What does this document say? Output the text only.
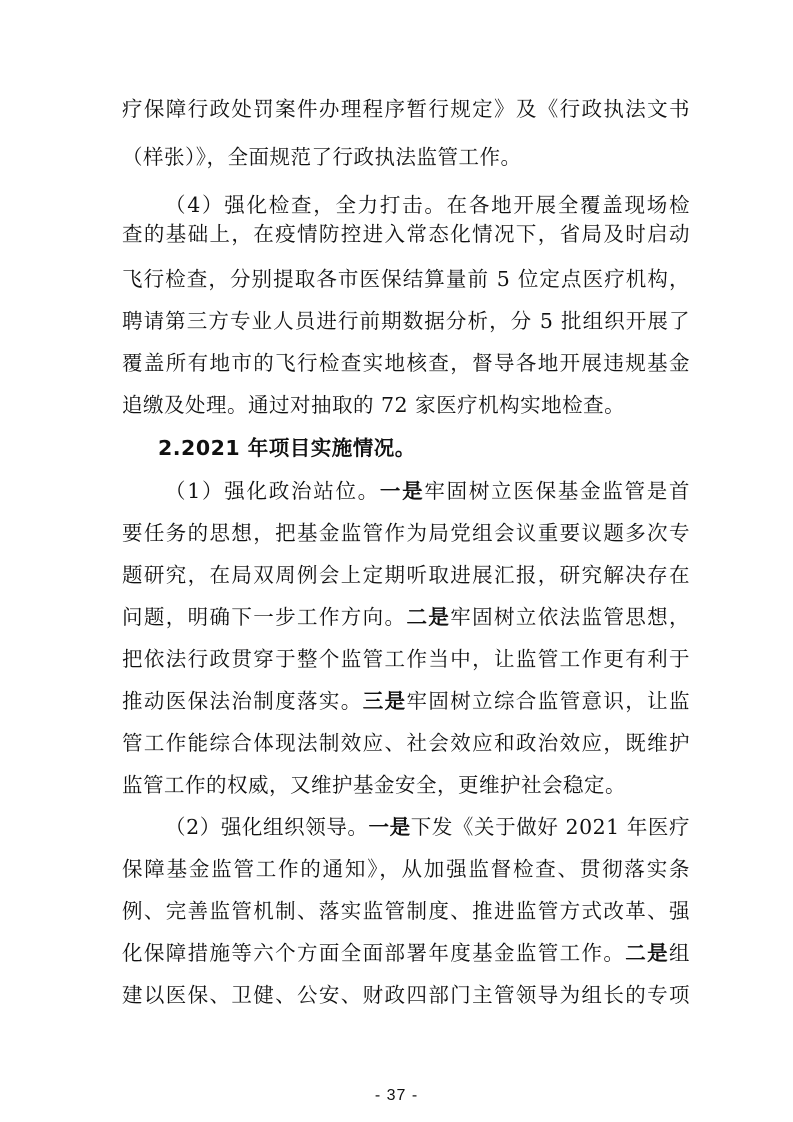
疗保障行政处罚案件办理程序暂行规定》及《行政执法文书
（样张）》，全面规范了行政执法监管工作。
（4）强化检查，全力打击。在各地开展全覆盖现场检
查的基础上，在疫情防控进入常态化情况下，省局及时启动
飞行检查，分别提取各市医保结算量前 5 位定点医疗机构，
聘请第三方专业人员进行前期数据分析，分 5 批组织开展了
覆盖所有地市的飞行检查实地核查，督导各地开展违规基金
追缴及处理。通过对抽取的 72 家医疗机构实地检查。
2.2021 年项目实施情况。
（1）强化政治站位。一是牢固树立医保基金监管是首
要任务的思想，把基金监管作为局党组会议重要议题多次专
题研究，在局双周例会上定期听取进展汇报，研究解决存在
问题，明确下一步工作方向。二是牢固树立依法监管思想，
把依法行政贯穿于整个监管工作当中，让监管工作更有利于
推动医保法治制度落实。三是牢固树立综合监管意识，让监
管工作能综合体现法制效应、社会效应和政治效应，既维护
监管工作的权威，又维护基金安全，更维护社会稳定。
（2）强化组织领导。一是下发《关于做好 2021 年医疗
保障基金监管工作的通知》，从加强监督检查、贯彻落实条
例、完善监管机制、落实监管制度、推进监管方式改革、强
化保障措施等六个方面全面部署年度基金监管工作。二是组
建以医保、卫健、公安、财政四部门主管领导为组长的专项
- 37 -
